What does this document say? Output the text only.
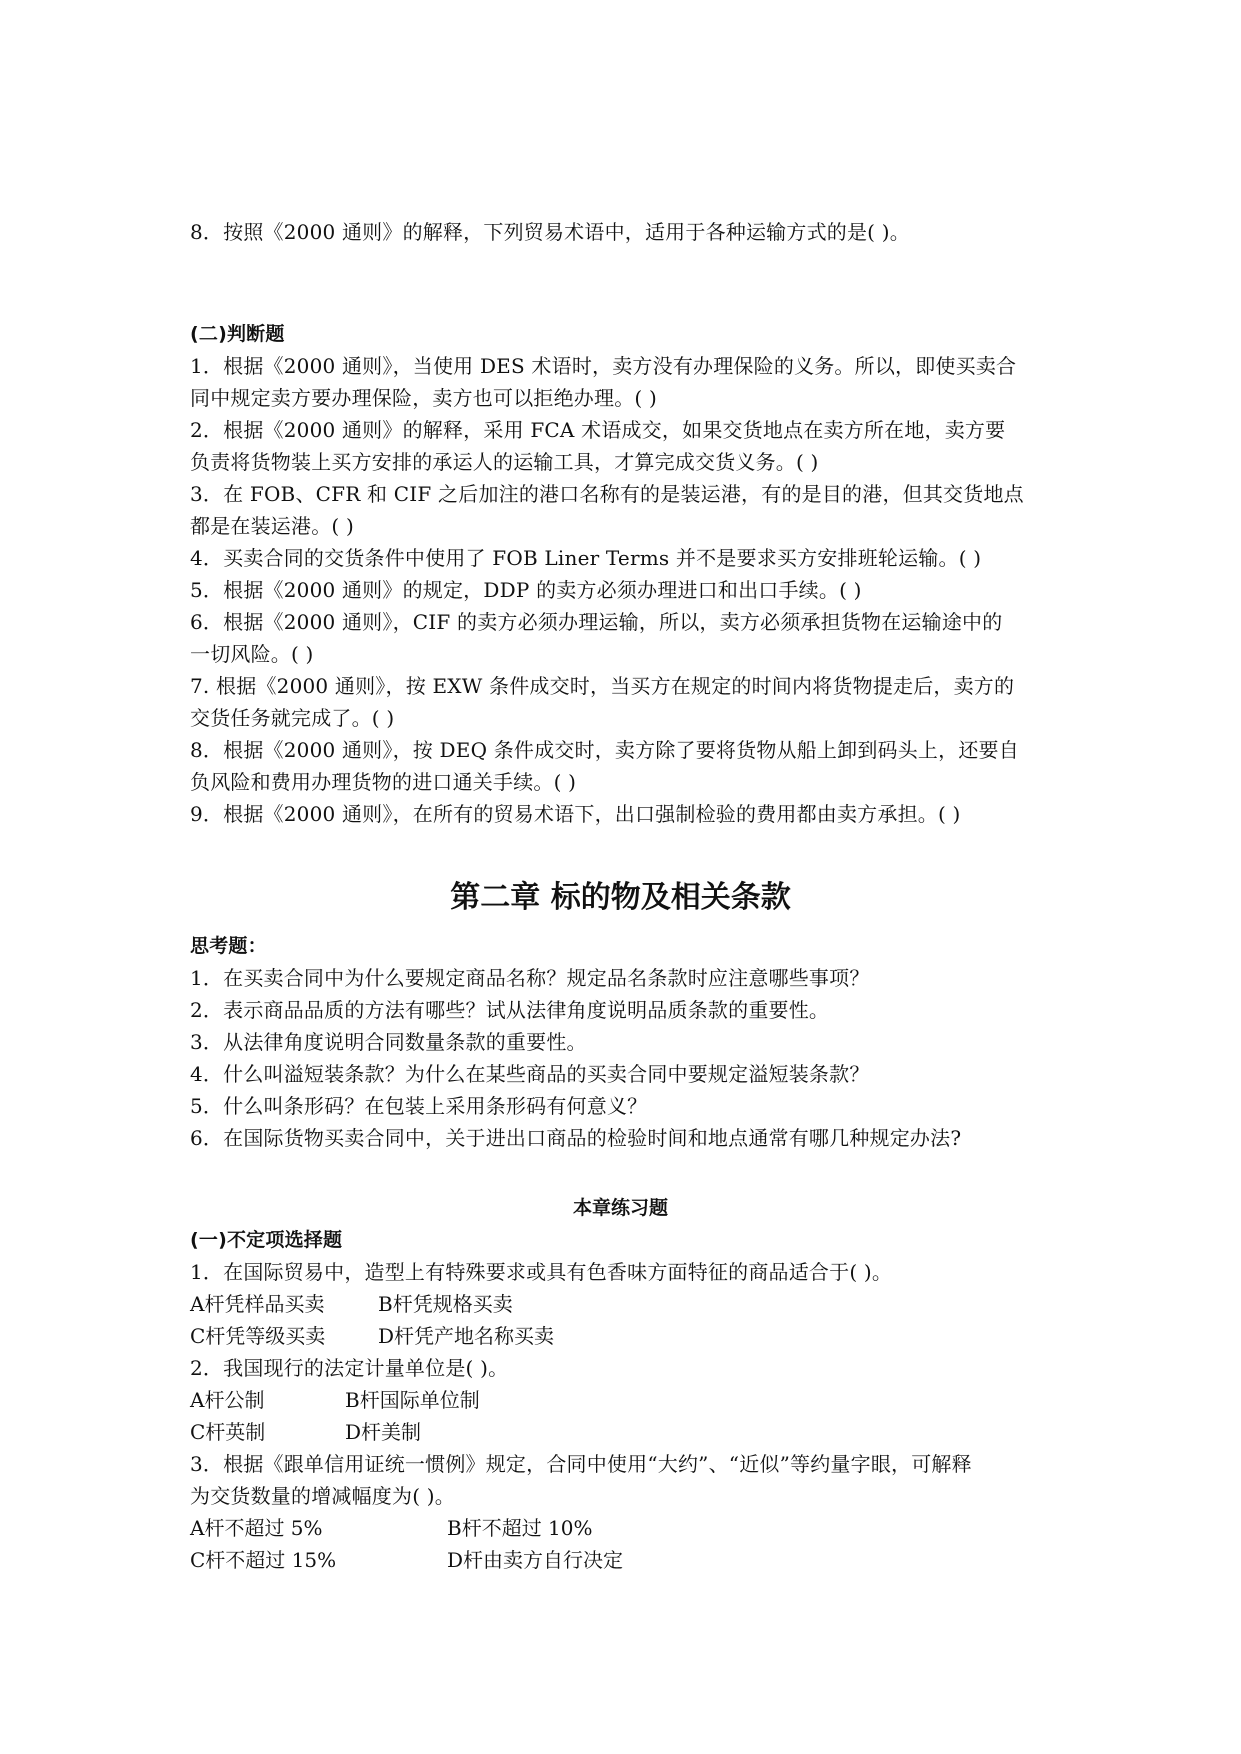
8．按照《2000 通则》的解释，下列贸易术语中，适用于各种运输方式的是( )。
(二)判断题
1．根据《2000 通则》，当使用 DES 术语时，卖方没有办理保险的义务。所以，即使买卖合
同中规定卖方要办理保险，卖方也可以拒绝办理。( )
2．根据《2000 通则》的解释，采用 FCA 术语成交，如果交货地点在卖方所在地，卖方要
负责将货物装上买方安排的承运人的运输工具，才算完成交货义务。( )
3．在 FOB、CFR 和 CIF 之后加注的港口名称有的是装运港，有的是目的港，但其交货地点
都是在装运港。( )
4．买卖合同的交货条件中使用了 FOB Liner Terms 并不是要求买方安排班轮运输。( )
5．根据《2000 通则》的规定，DDP 的卖方必须办理进口和出口手续。( )
6．根据《2000 通则》，CIF 的卖方必须办理运输，所以，卖方必须承担货物在运输途中的
一切风险。( )
7. 根据《2000 通则》，按 EXW 条件成交时，当买方在规定的时间内将货物提走后，卖方的
交货任务就完成了。( )
8．根据《2000 通则》，按 DEQ 条件成交时，卖方除了要将货物从船上卸到码头上，还要自
负风险和费用办理货物的进口通关手续。( )
9．根据《2000 通则》，在所有的贸易术语下，出口强制检验的费用都由卖方承担。( )
第二章 标的物及相关条款
思考题：
1．在买卖合同中为什么要规定商品名称？规定品名条款时应注意哪些事项？
2．表示商品品质的方法有哪些？试从法律角度说明品质条款的重要性。
3．从法律角度说明合同数量条款的重要性。
4．什么叫溢短装条款？为什么在某些商品的买卖合同中要规定溢短装条款？
5．什么叫条形码？在包装上采用条形码有何意义？
6．在国际货物买卖合同中，关于进出口商品的检验时间和地点通常有哪几种规定办法?
本章练习题
(一)不定项选择题
1．在国际贸易中，造型上有特殊要求或具有色香味方面特征的商品适合于( )。
A杆凭样品买卖	B杆凭规格买卖
C杆凭等级买卖	D杆凭产地名称买卖
2．我国现行的法定计量单位是( )。
A杆公制	B杆国际单位制
C杆英制	D杆美制
3．根据《跟单信用证统一惯例》规定，合同中使用“大约”、“近似”等约量字眼，可解释
为交货数量的增减幅度为( )。
A杆不超过 5%	B杆不超过 10%
C杆不超过 15%	D杆由卖方自行决定
